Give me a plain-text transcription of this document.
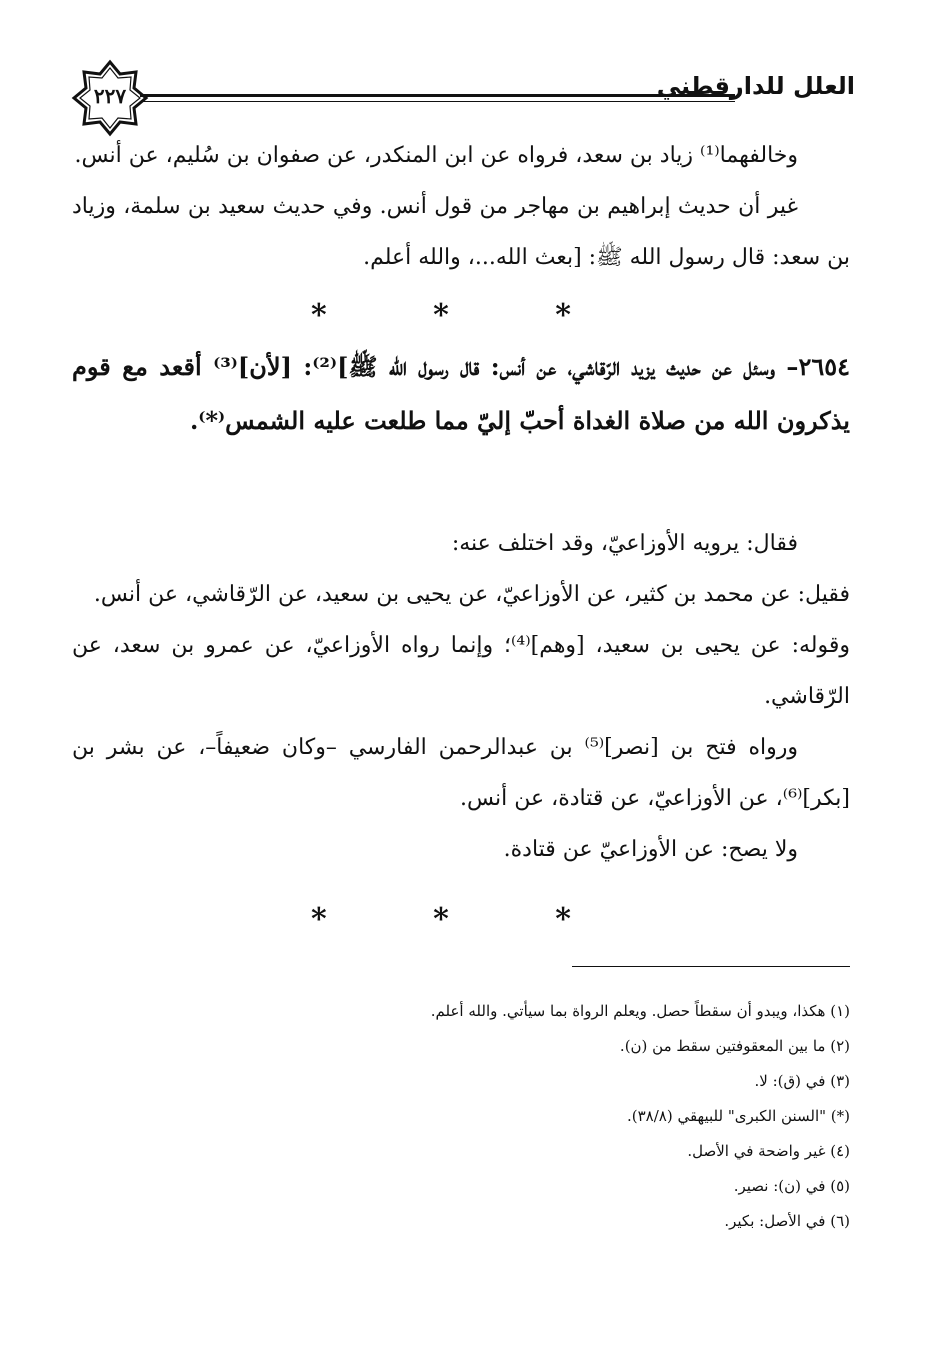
العلل للدارقطني
٢٢٧

وخالفهما⁽¹⁾ زياد بن سعد، فرواه عن ابن المنكدر، عن صفوان بن سُليم، عن أنس.

غير أن حديث إبراهيم بن مهاجر من قول أنس. وفي حديث سعيد بن سلمة، وزياد بن سعد: قال رسول الله ﷺ: [بعث الله...، والله أعلم.

* * *

٢٦٥٤– وسئل عن حديث يزيد الرّقاشي، عن أنس: قال رسول الله ﷺ]⁽²⁾: [لأن]⁽³⁾ أقعد مع قوم يذكرون الله من صلاة الغداة أحبّ إليّ مما طلعت عليه الشمس⁽*⁾.

فقال: يرويه الأوزاعيّ، وقد اختلف عنه:

فقيل: عن محمد بن كثير، عن الأوزاعيّ، عن يحيى بن سعيد، عن الرّقاشي، عن أنس.

وقوله: عن يحيى بن سعيد، [وهم]⁽⁴⁾؛ وإنما رواه الأوزاعيّ، عن عمرو بن سعد، عن الرّقاشي.

ورواه فتح بن [نصر]⁽⁵⁾ بن عبدالرحمن الفارسي –وكان ضعيفاً–، عن بشر بن [بكر]⁽⁶⁾، عن الأوزاعيّ، عن قتادة، عن أنس.

ولا يصح: عن الأوزاعيّ عن قتادة.

* * *

(١) هكذا، ويبدو أن سقطاً حصل. ويعلم الرواة بما سيأتي. والله أعلم.

(٢) ما بين المعقوفتين سقط من (ن).

(٣) في (ق): لا.

(*) "السنن الكبرى" للبيهقي (٣٨/٨).

(٤) غير واضحة في الأصل.

(٥) في (ن): نصير.

(٦) في الأصل: بكير.
